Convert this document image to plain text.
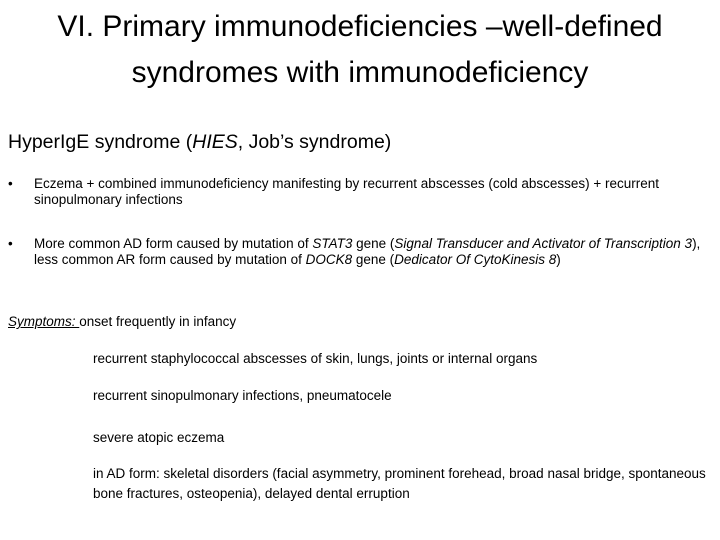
VI. Primary immunodeficiencies –well-defined
syndromes with immunodeficiency
HyperIgE syndrome (HIES, Job’s syndrome)
• Eczema + combined immunodeficiency manifesting by recurrent abscesses (cold abscesses) + recurrent sinopulmonary infections
• More common AD form caused by mutation of STAT3 gene (Signal Transducer and Activator of Transcription 3), less common AR form caused by mutation of DOCK8 gene (Dedicator Of CytoKinesis 8)
Symptoms: onset frequently in infancy
recurrent staphylococcal abscesses of skin, lungs, joints or internal organs
recurrent sinopulmonary infections, pneumatocele
severe atopic eczema
in AD form: skeletal disorders (facial asymmetry, prominent forehead, broad nasal bridge, spontaneous bone fractures, osteopenia), delayed dental erruption
